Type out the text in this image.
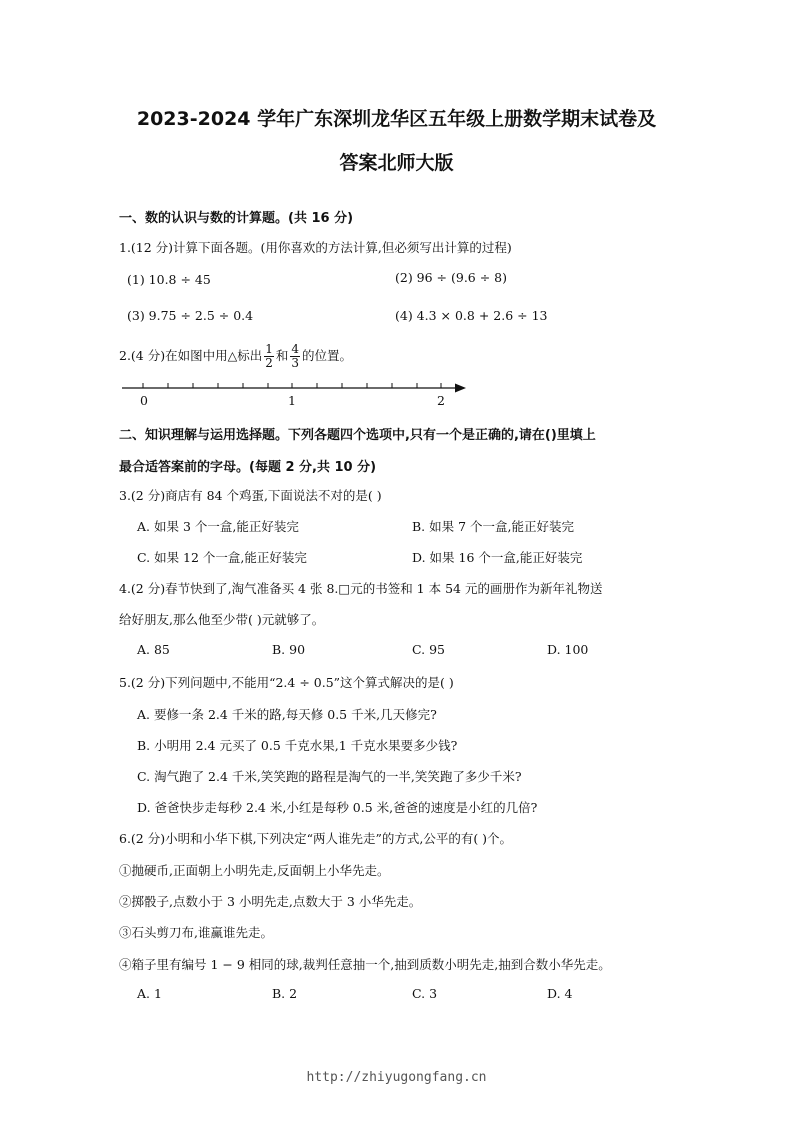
2023-2024 学年广东深圳龙华区五年级上册数学期末试卷及
答案北师大版
一、数的认识与数的计算题。(共 16 分)
1.(12 分)计算下面各题。(用你喜欢的方法计算,但必须写出计算的过程)
(1) 10.8 ÷ 45	(2) 96 ÷ (9.6 ÷ 8)
(3) 9.75 ÷ 2.5 ÷ 0.4	(4) 4.3 × 0.8 + 2.6 ÷ 13
2.(4 分)在如图中用△标出 $\frac{1}{2}$ 和 $\frac{4}{3}$ 的位置。
0	1	2
二、知识理解与运用选择题。下列各题四个选项中,只有一个是正确的,请在()里填上
最合适答案前的字母。(每题 2 分,共 10 分)
3.(2 分)商店有 84 个鸡蛋,下面说法不对的是( )
A. 如果 3 个一盒,能正好装完	B. 如果 7 个一盒,能正好装完
C. 如果 12 个一盒,能正好装完	D. 如果 16 个一盒,能正好装完
4.(2 分)春节快到了,淘气准备买 4 张 8.□元的书签和 1 本 54 元的画册作为新年礼物送
给好朋友,那么他至少带( )元就够了。
A. 85	B. 90	C. 95	D. 100
5.(2 分)下列问题中,不能用“2.4 ÷ 0.5”这个算式解决的是( )
A. 要修一条 2.4 千米的路,每天修 0.5 千米,几天修完?
B. 小明用 2.4 元买了 0.5 千克水果,1 千克水果要多少钱?
C. 淘气跑了 2.4 千米,笑笑跑的路程是淘气的一半,笑笑跑了多少千米?
D. 爸爸快步走每秒 2.4 米,小红是每秒 0.5 米,爸爸的速度是小红的几倍?
6.(2 分)小明和小华下棋,下列决定“两人谁先走”的方式,公平的有( )个。
①抛硬币,正面朝上小明先走,反面朝上小华先走。
②掷骰子,点数小于 3 小明先走,点数大于 3 小华先走。
③石头剪刀布,谁赢谁先走。
④箱子里有编号 1 − 9 相同的球,裁判任意抽一个,抽到质数小明先走,抽到合数小华先走。
A. 1	B. 2	C. 3	D. 4
http://zhiyugongfang.cn
